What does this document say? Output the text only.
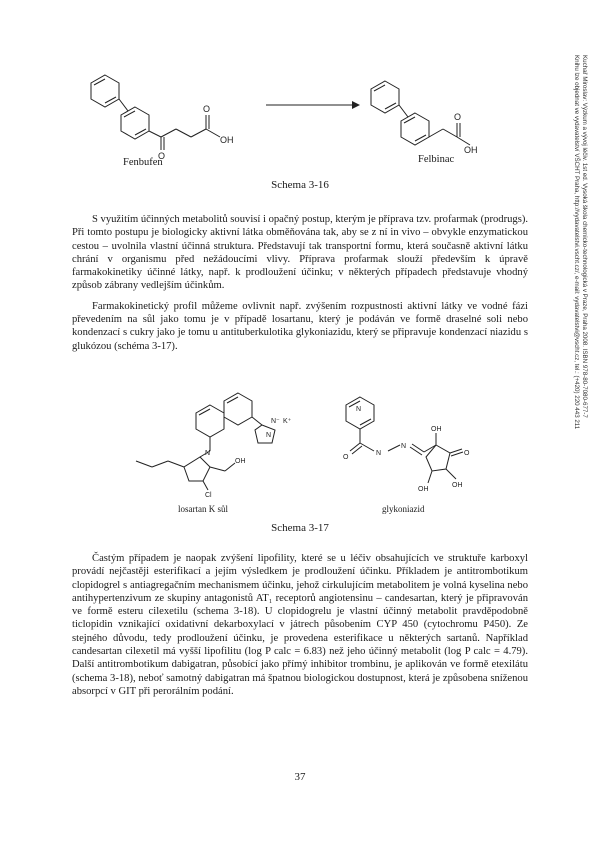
O
O
OH
O
OH
Fenbufen	Felbinac
Schema 3-16

S využitím účinných metabolitů souvisí i opačný postup, kterým je příprava tzv. profarmak (prodrugs). Při tomto postupu je biologicky aktivní látka obměňována tak, aby se z ní in vivo – obvykle enzymatickou cestou – uvolnila vlastní účinná struktura. Představují tak transportní formu, která současně aktivní látku chrání v organismu před nežádoucími vlivy. Příprava profarmak slouží především k úpravě farmakokinetiky účinné látky, např. k prodloužení účinku; v některých případech představuje vhodný způsob zábrany vedlejším účinkům.

Farmakokinetický profil můžeme ovlivnit např. zvýšením rozpustnosti aktivní látky ve vodné fázi převedením na sůl jako tomu je v případě losartanu, který je podáván ve formě draselné soli nebo kondenzací s cukry jako je tomu u antituberkulotika glykoniazidu, který se připravuje kondenzací niazidu s glukózou (schéma 3-17).

N
N⁻ K⁺
N
Cl
OH
N
O
N
N
OH
O
OH
OH
losartan K sůl	glykoniazid
Schema 3-17

Častým případem je naopak zvýšení lipofility, které se u léčiv obsahujících ve struktuře karboxyl provádí nejčastěji esterifikací a jejím výsledkem je prodloužení účinku. Příkladem je antitrombotikum clopidogrel s antiagregačním mechanismem účinku, jehož cirkulujícím metabolitem je volná kyselina nebo antihypertenzivum ze skupiny antagonistů AT₁ receptorů angiotensinu – candesartan, který je připravován ve formě esteru cilexetilu (schema 3-18). U clopidogrelu je vlastní účinný metabolit pravděpodobně ticlopidin vznikající oxidativní dekarboxylací v játrech působením CYP 450 (cytochromu P450). Ze stejného důvodu, tedy prodloužení účinku, je provedena esterifikace u některých sartanů. Například candesartan cilexetil má vyšší lipofilitu (log P calc = 6.83) než jeho účinný metabolit (log P calc = 4.79). Další antitrombotikum dabigatran, působící jako přímý inhibitor trombinu, je aplikován ve formě etexilátu (schema 3-18), neboť samotný dabigatran má špatnou biologickou dostupnost, která je způsobena sníženou absorpcí v GIT při perorálním podání.

37
Kuchař Miroslav: Výzkum a vývoj léčiv. 1st ed. Vysoká škola chemicko-technologická v Praze, Praha 2008. ISBN 978-80-7080-677-7
Knihu lze objednat ve vydavatelství VŠCHT Praha, http://vydavatelstvi.vscht.cz/, e-mail: vydavatelstvi@vscht.cz, tel.: (+420) 220 443 211
